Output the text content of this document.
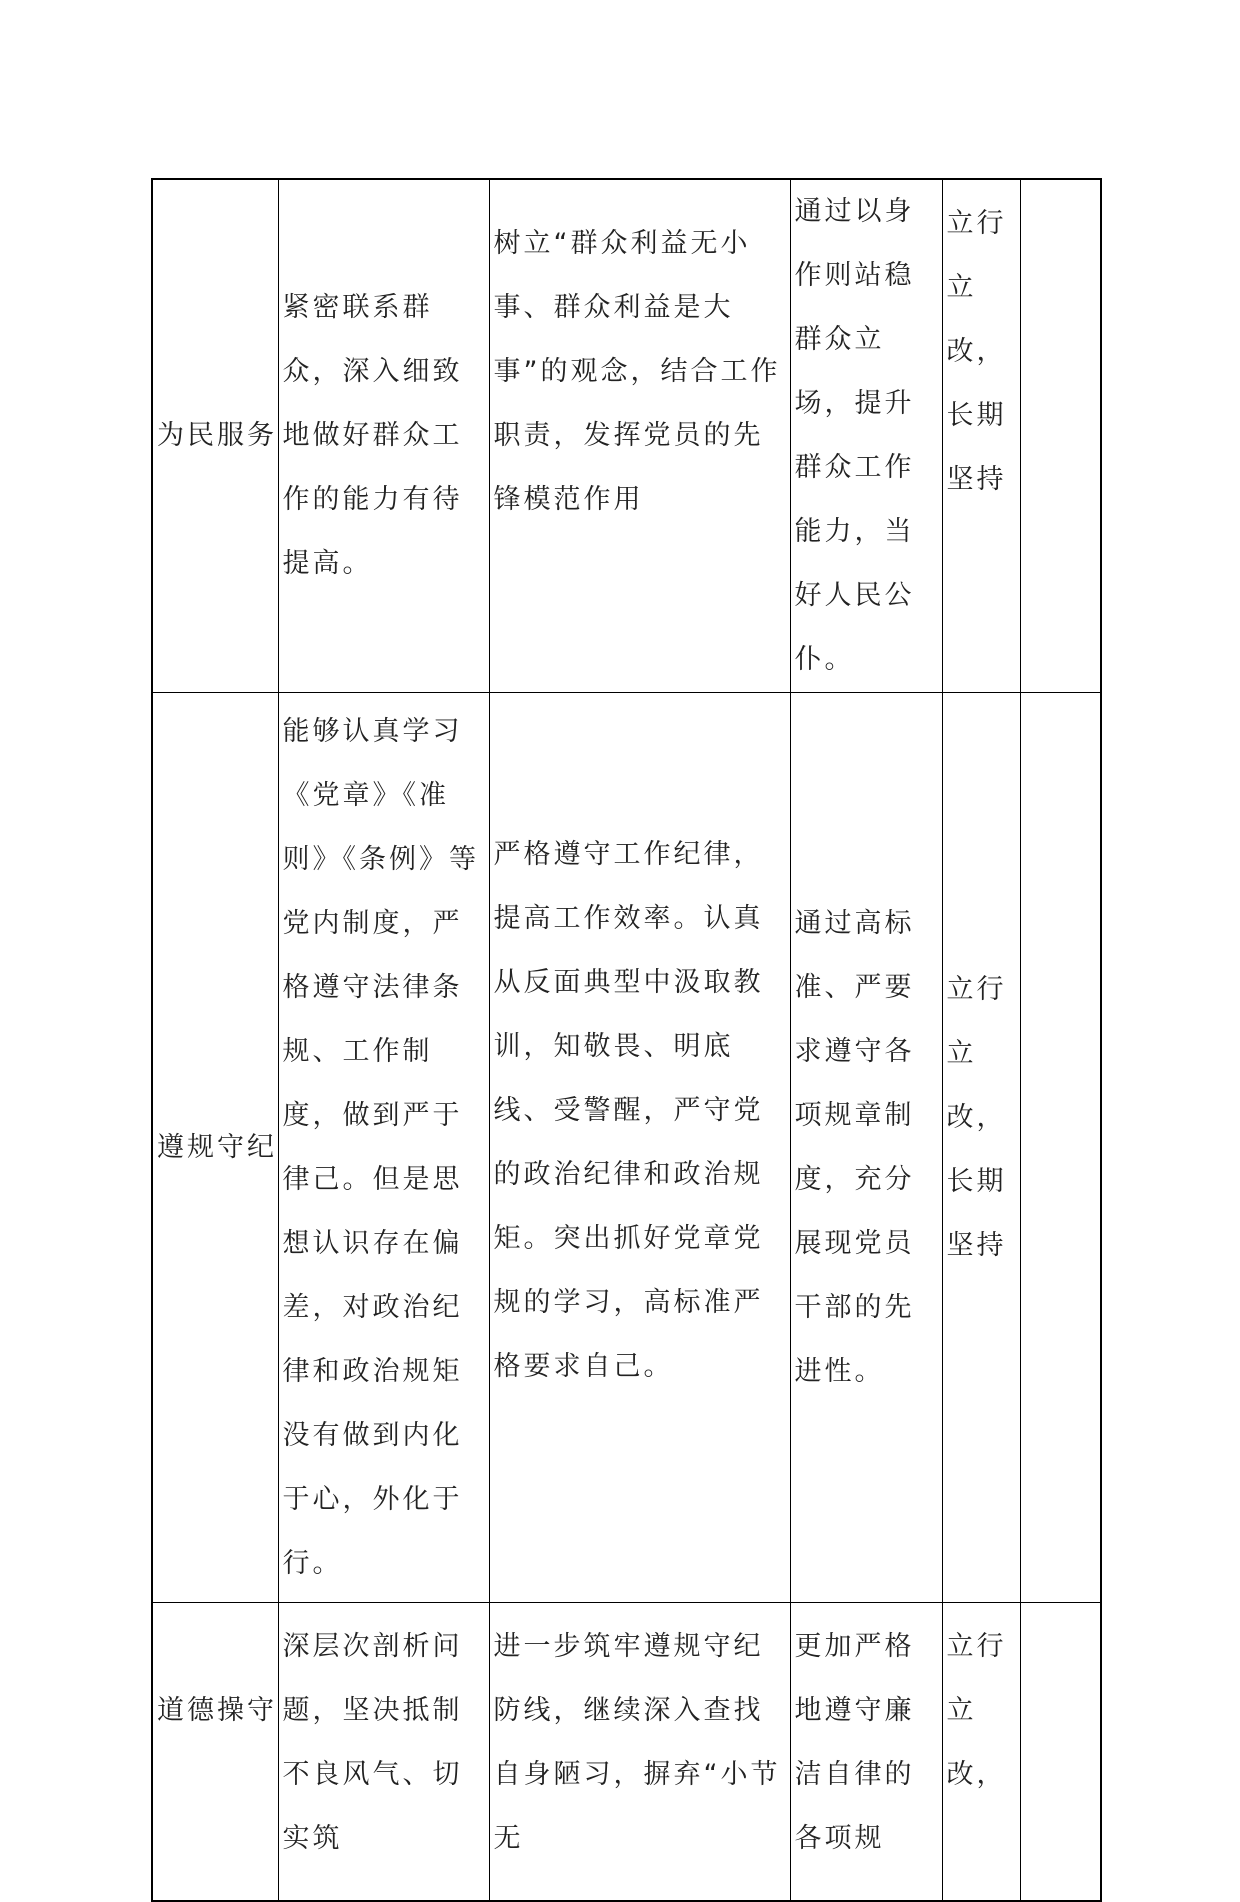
为民服务	紧密联系群众，深入细致地做好群众工作的能力有待提高。	树立“群众利益无小事、群众利益是大事”的观念，结合工作职责，发挥党员的先锋模范作用	通过以身作则站稳群众立场，提升群众工作能力，当好人民公仆。	立行立改，长期坚持	
遵规守纪	能够认真学习《党章》《准则》《条例》等党内制度，严格遵守法律条规、工作制度，做到严于律己。但是思想认识存在偏差，对政治纪律和政治规矩没有做到内化于心，外化于行。	严格遵守工作纪律，提高工作效率。认真从反面典型中汲取教训，知敬畏、明底线、受警醒，严守党的政治纪律和政治规矩。突出抓好党章党规的学习，高标准严格要求自己。	通过高标准、严要求遵守各项规章制度，充分展现党员干部的先进性。	立行立改，长期坚持	
道德操守	深层次剖析问题，坚决抵制不良风气、切实筑	进一步筑牢遵规守纪防线，继续深入查找自身陋习，摒弃“小节无	更加严格地遵守廉洁自律的各项规	立行立改，	
